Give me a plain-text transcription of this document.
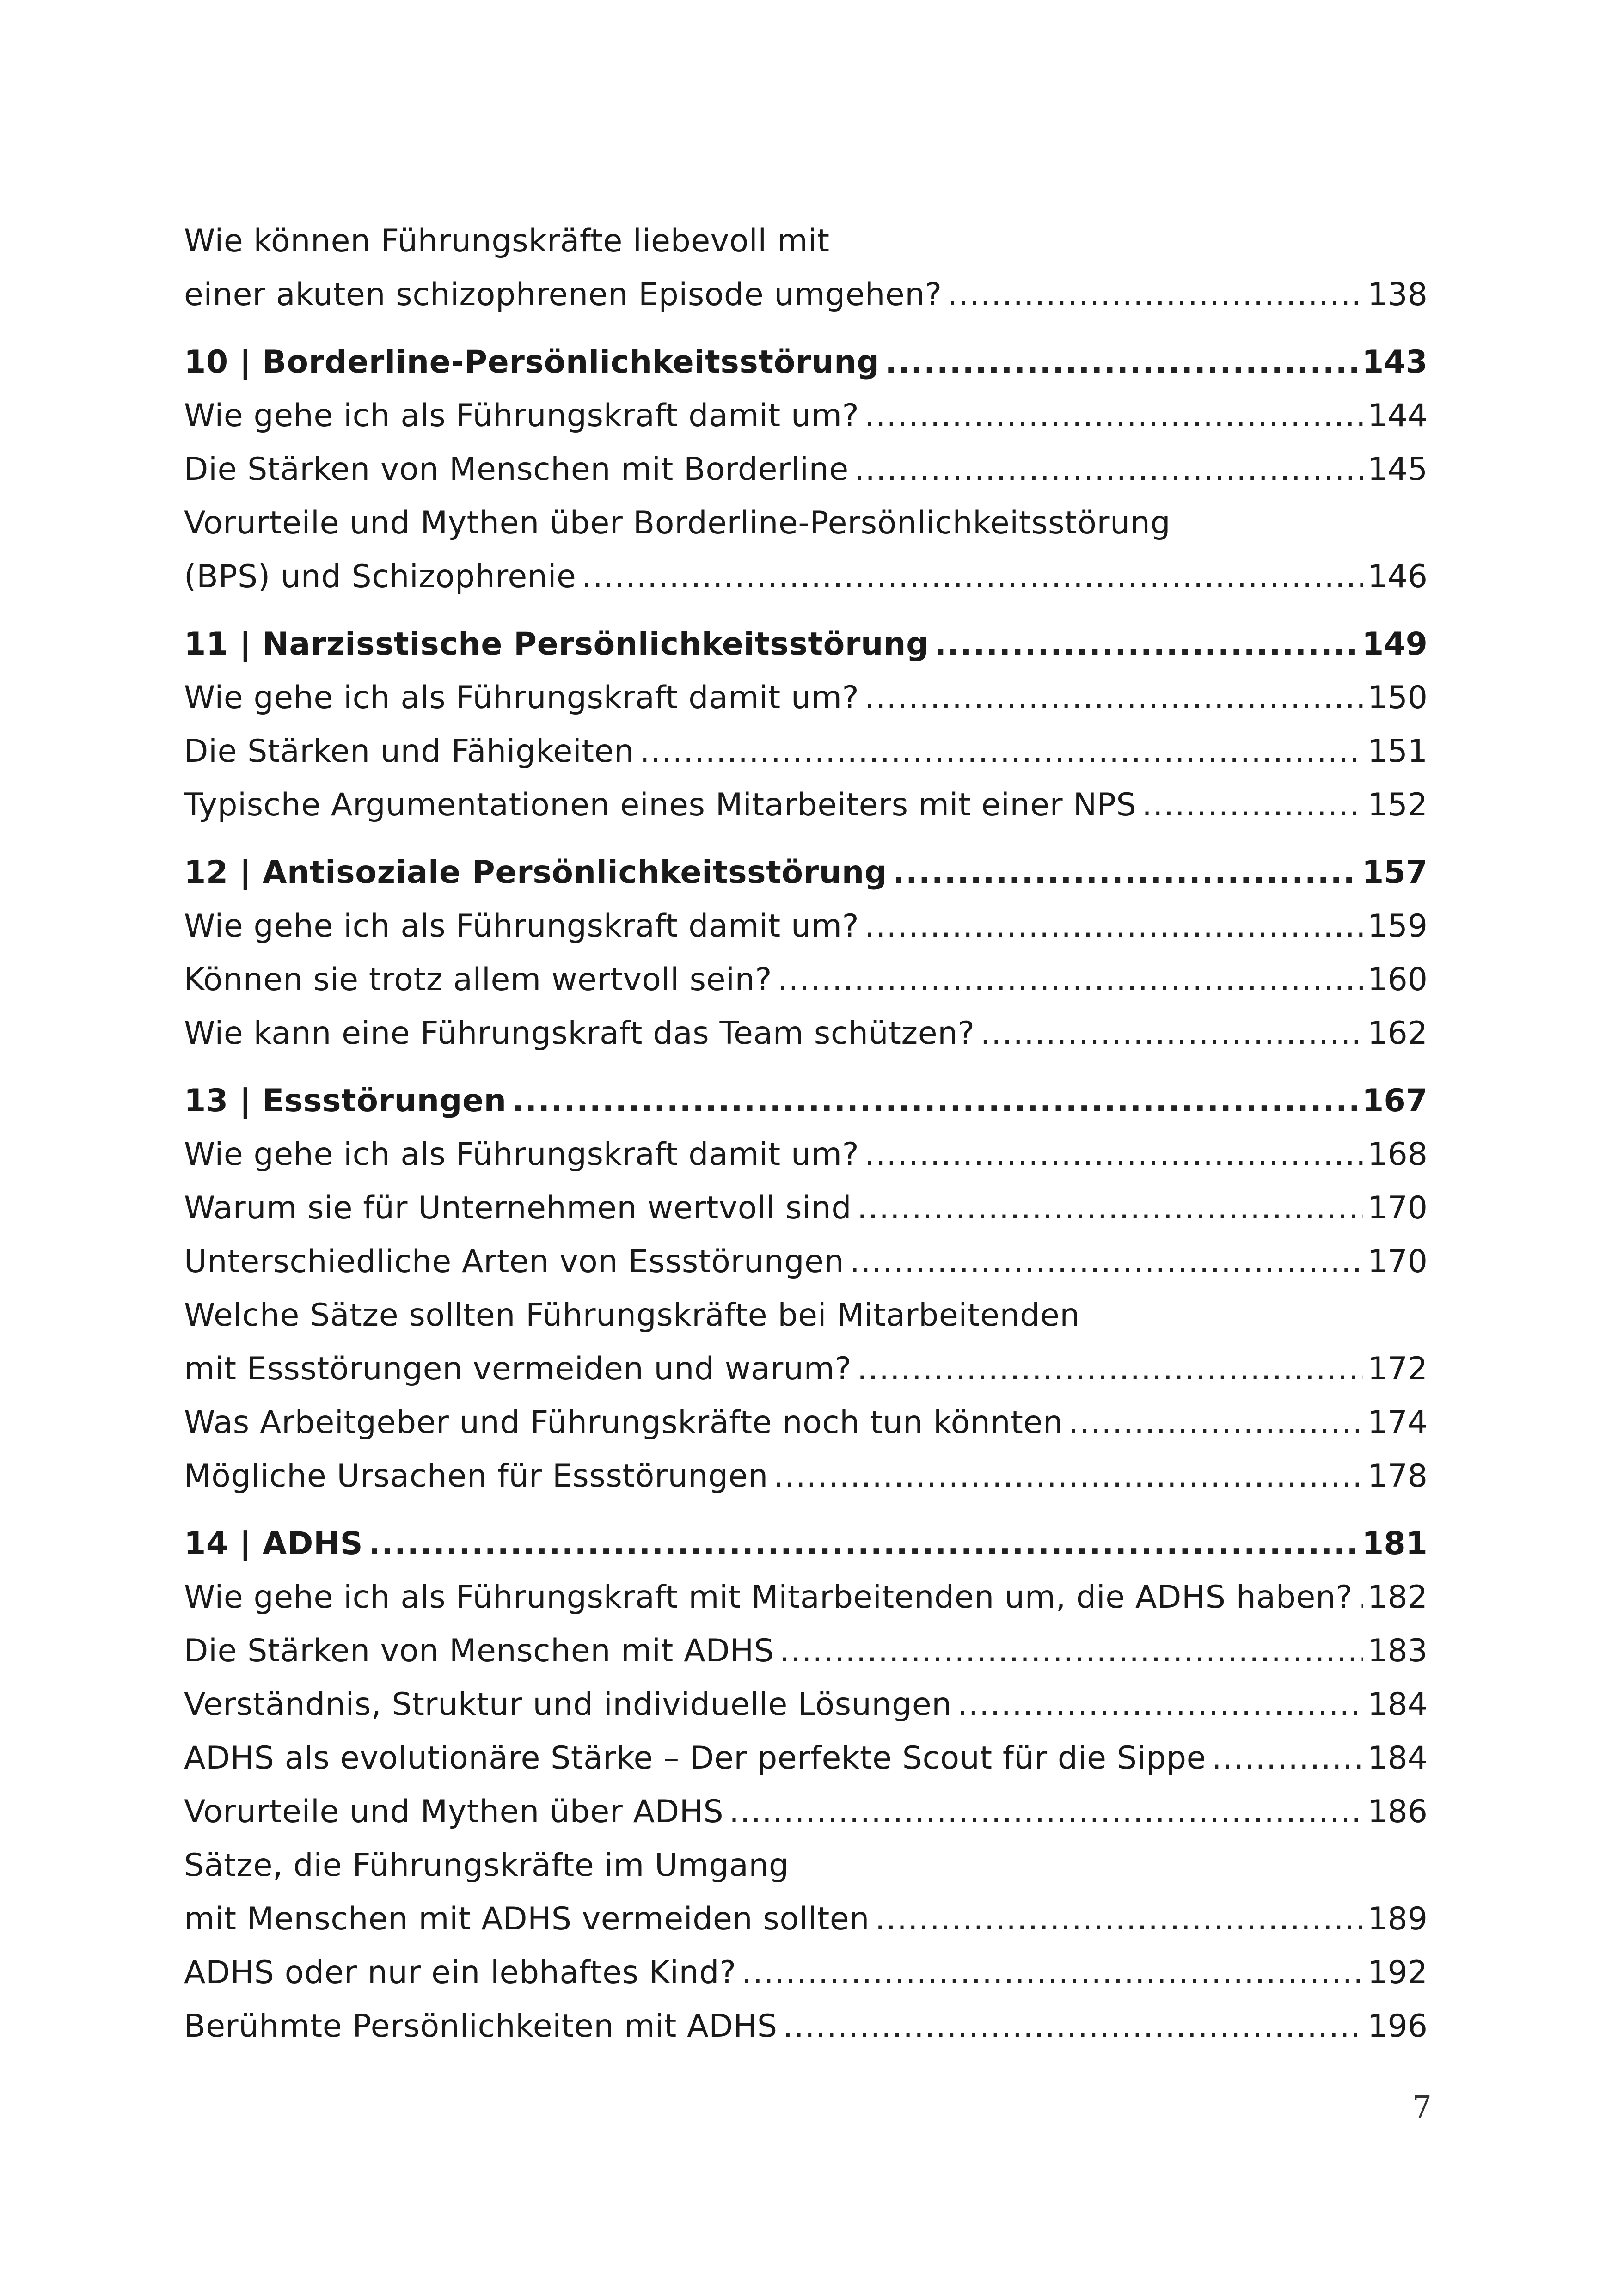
Wie können Führungskräfte liebevoll mit
einer akuten schizophrenen Episode umgehen? .....	138
10 | Borderline-Persönlichkeitsstörung .....	143
Wie gehe ich als Führungskraft damit um? .....	144
Die Stärken von Menschen mit Borderline .....	145
Vorurteile und Mythen über Borderline-Persönlichkeitsstörung
(BPS) und Schizophrenie .....	146
11 | Narzisstische Persönlichkeitsstörung .....	149
Wie gehe ich als Führungskraft damit um? .....	150
Die Stärken und Fähigkeiten .....	151
Typische Argumentationen eines Mitarbeiters mit einer NPS .....	152
12 | Antisoziale Persönlichkeitsstörung .....	157
Wie gehe ich als Führungskraft damit um? .....	159
Können sie trotz allem wertvoll sein? .....	160
Wie kann eine Führungskraft das Team schützen? .....	162
13 | Essstörungen .....	167
Wie gehe ich als Führungskraft damit um? .....	168
Warum sie für Unternehmen wertvoll sind .....	170
Unterschiedliche Arten von Essstörungen .....	170
Welche Sätze sollten Führungskräfte bei Mitarbeitenden
mit Essstörungen vermeiden und warum? .....	172
Was Arbeitgeber und Führungskräfte noch tun könnten .....	174
Mögliche Ursachen für Essstörungen .....	178
14 | ADHS .....	181
Wie gehe ich als Führungskraft mit Mitarbeitenden um, die ADHS haben? ..... 182
Die Stärken von Menschen mit ADHS .....	183
Verständnis, Struktur und individuelle Lösungen .....	184
ADHS als evolutionäre Stärke – Der perfekte Scout für die Sippe .....	184
Vorurteile und Mythen über ADHS .....	186
Sätze, die Führungskräfte im Umgang
mit Menschen mit ADHS vermeiden sollten .....	189
ADHS oder nur ein lebhaftes Kind? .....	192
Berühmte Persönlichkeiten mit ADHS .....	196
7
